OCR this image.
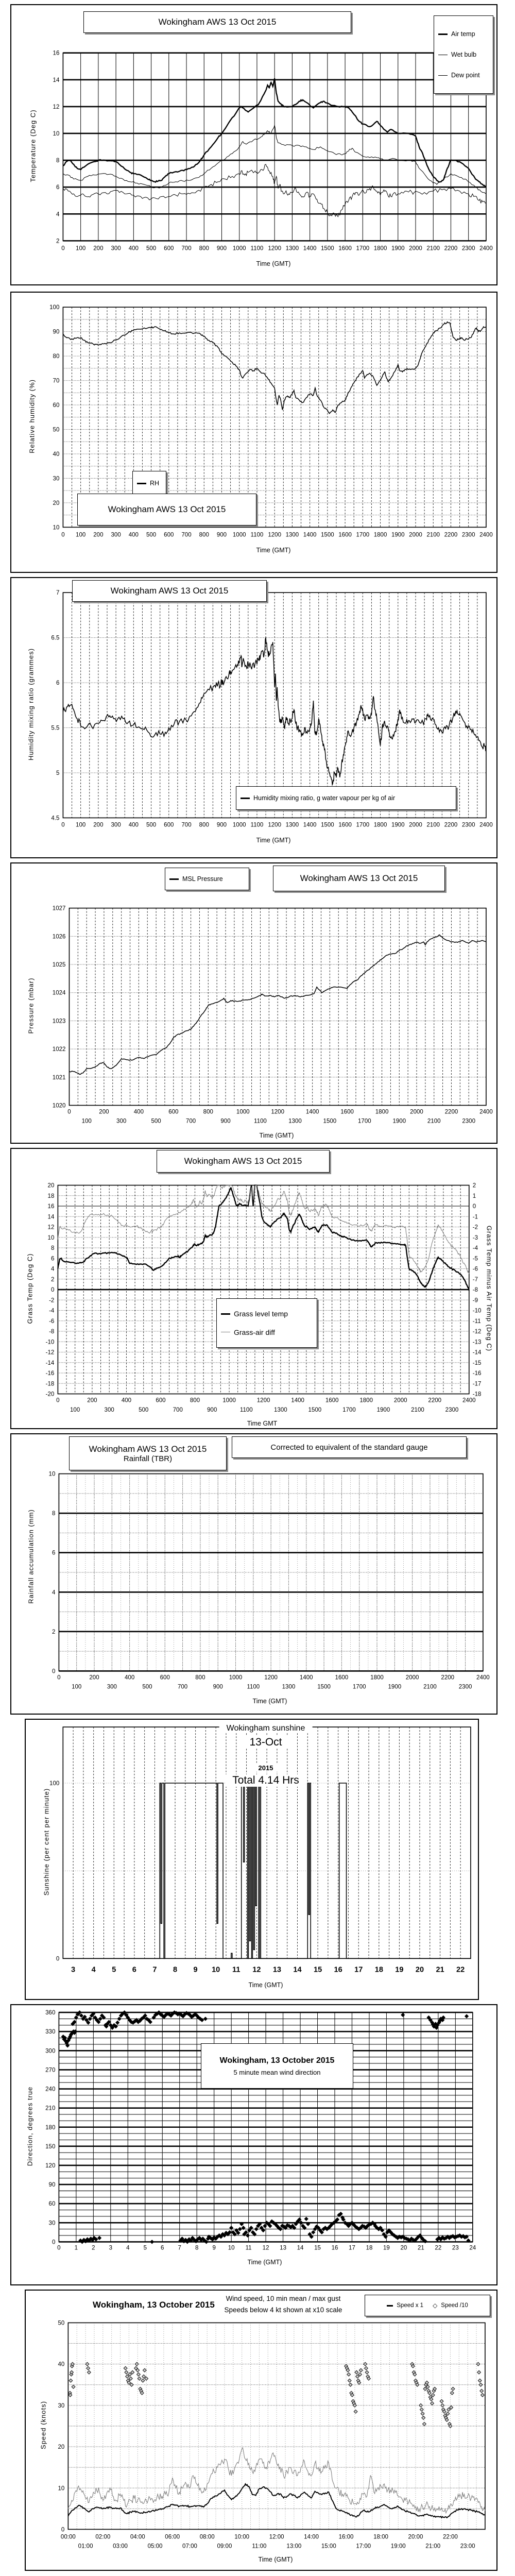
0 100 200 300 400 500 600 700 800 900 1000 1100 1200 1300 1400 1500 1600 1700 1800 1900 2000 2100 2200 2300 2400
2
4
6
8
10
12
14
16
Wokingham AWS 13 Oct 2015
Air temp
Wet bulb
Dew point
Temperature (Deg C)
Time (GMT)
0 100 200 300 400 500 600 700 800 900 1000 1100 1200 1300 1400 1500 1600 1700 1800 1900 2000 2100 2200 2300 2400
10
20
30
40
50
60
70
80
90
100
RH
Wokingham AWS 13 Oct 2015
Relative humidity (%)
Time (GMT)
0 100 200 300 400 500 600 700 800 900 1000 1100 1200 1300 1400 1500 1600 1700 1800 1900 2000 2100 2200 2300 2400
4.5
5
5.5
6
6.5
7	Wokingham AWS 13 Oct 2015
Humidity mixing ratio, g water vapour per kg of air
Humidity mixing ratio (grammes)
Time (GMT)
0
100
200
300
400
500
600
700
800
900
1000
1100
1200
1300
1400
1500
1600
1700
1800
1900
2000
2100
2200
2300
2400
1020
1021
1022
1023
1024
1025
1026
1027
MSL Pressure	Wokingham AWS 13 Oct 2015
Pressure (mbar)
Time (GMT)
0
100
200
300
400
500
600
700
800
900
1000
1100
1200
1300
1400
1500
1600
1700
1800
1900
2000
2100
2200
2300
2400
-20
-18
-16
-14
-12
-10
-8
-6
-4
-2
0
2
4
6
8
10
12
14
16
18
20
-18
-17
-16
-15
-14
-13
-12
-11
-10
-9
-8
-7
-6
-5
-4
-3
-2
-1
0
1
2
Wokingham AWS 13 Oct 2015
Grass level temp
Grass-air diff
Grass Temp (Deg C)	Grass Temp minus Air Temp (Deg C)
Time GMT
0
100
200
300
400
500
600
700
800
900
1000
1100
1200
1300
1400
1500
1600
1700
1800
1900
2000
2100
2200
2300
2400
0
2
4
6
8
10
Wokingham AWS 13 Oct 2015
Rainfall (TBR)
Corrected to equivalent of the standard gauge
Rainfall accumulation (mm)
Time (GMT)
3 4 5 6 7 8 9 10 11 12 13 14 15 16 17 18 19 20 21 22
0
100
Wokingham sunshine
13-Oct
2015
Total 4.14 Hrs
Sunshine (per cent per minute)
Time (GMT)
0 1 2 3 4 5 6 7 8 9 10 11 12 13 14 15 16 17 18 19 20 21 22 23 24
0
30
60
90
120
150
180
210
240
270
300
330
360
Wokingham, 13 October 2015
5 minute mean wind direction
Direction, degrees true
Time (GMT)
00:00
01:00
02:00
03:00
04:00
05:00
06:00
07:00
08:00
09:00
10:00
11:00
12:00
13:00
14:00
15:00
16:00
17:00
18:00
19:00
20:00
21:00
22:00
23:00
0
10
20
30
40
50
Wokingham, 13 October 2015
Wind speed, 10 min mean / max gust
Speeds below 4 kt shown at x10 scale
Speed x 1 ◇ Speed /10
Speed (knots)
Time (GMT)
